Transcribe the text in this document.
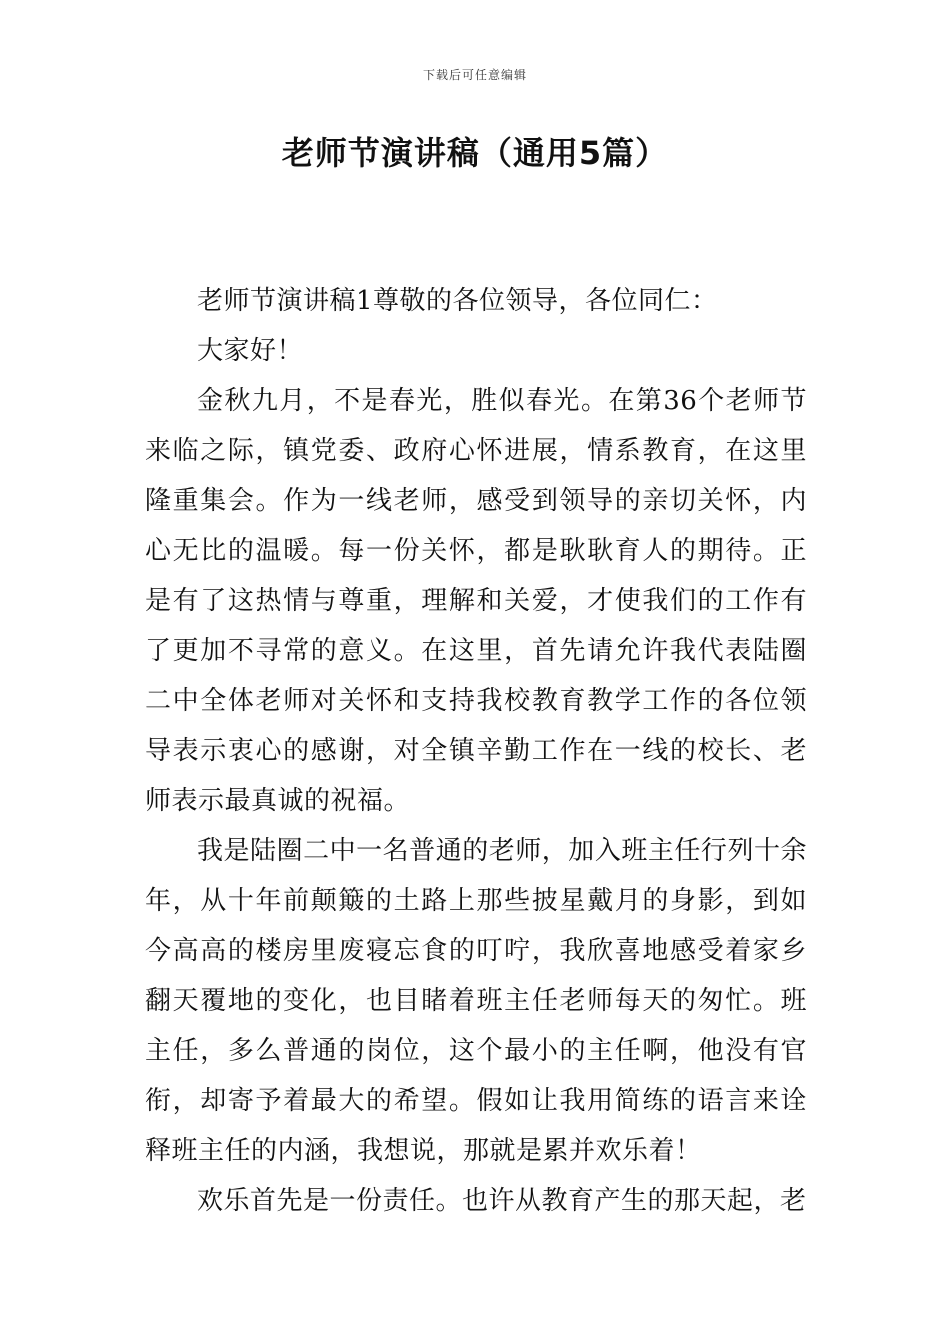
下载后可任意编辑
老师节演讲稿（通用5篇）

老师节演讲稿1尊敬的各位领导，各位同仁：

大家好！

金秋九月，不是春光，胜似春光。在第36个老师节来临之际，镇党委、政府心怀进展，情系教育，在这里隆重集会。作为一线老师，感受到领导的亲切关怀，内心无比的温暖。每一份关怀，都是耿耿育人的期待。正是有了这热情与尊重，理解和关爱，才使我们的工作有了更加不寻常的意义。在这里，首先请允许我代表陆圈二中全体老师对关怀和支持我校教育教学工作的各位领导表示衷心的感谢，对全镇辛勤工作在一线的校长、老师表示最真诚的祝福。

我是陆圈二中一名普通的老师，加入班主任行列十余年，从十年前颠簸的土路上那些披星戴月的身影，到如今高高的楼房里废寝忘食的叮咛，我欣喜地感受着家乡翻天覆地的变化，也目睹着班主任老师每天的匆忙。班主任，多么普通的岗位，这个最小的主任啊，他没有官衔，却寄予着最大的希望。假如让我用简练的语言来诠释班主任的内涵，我想说，那就是累并欢乐着！

欢乐首先是一份责任。也许从教育产生的那天起，老
